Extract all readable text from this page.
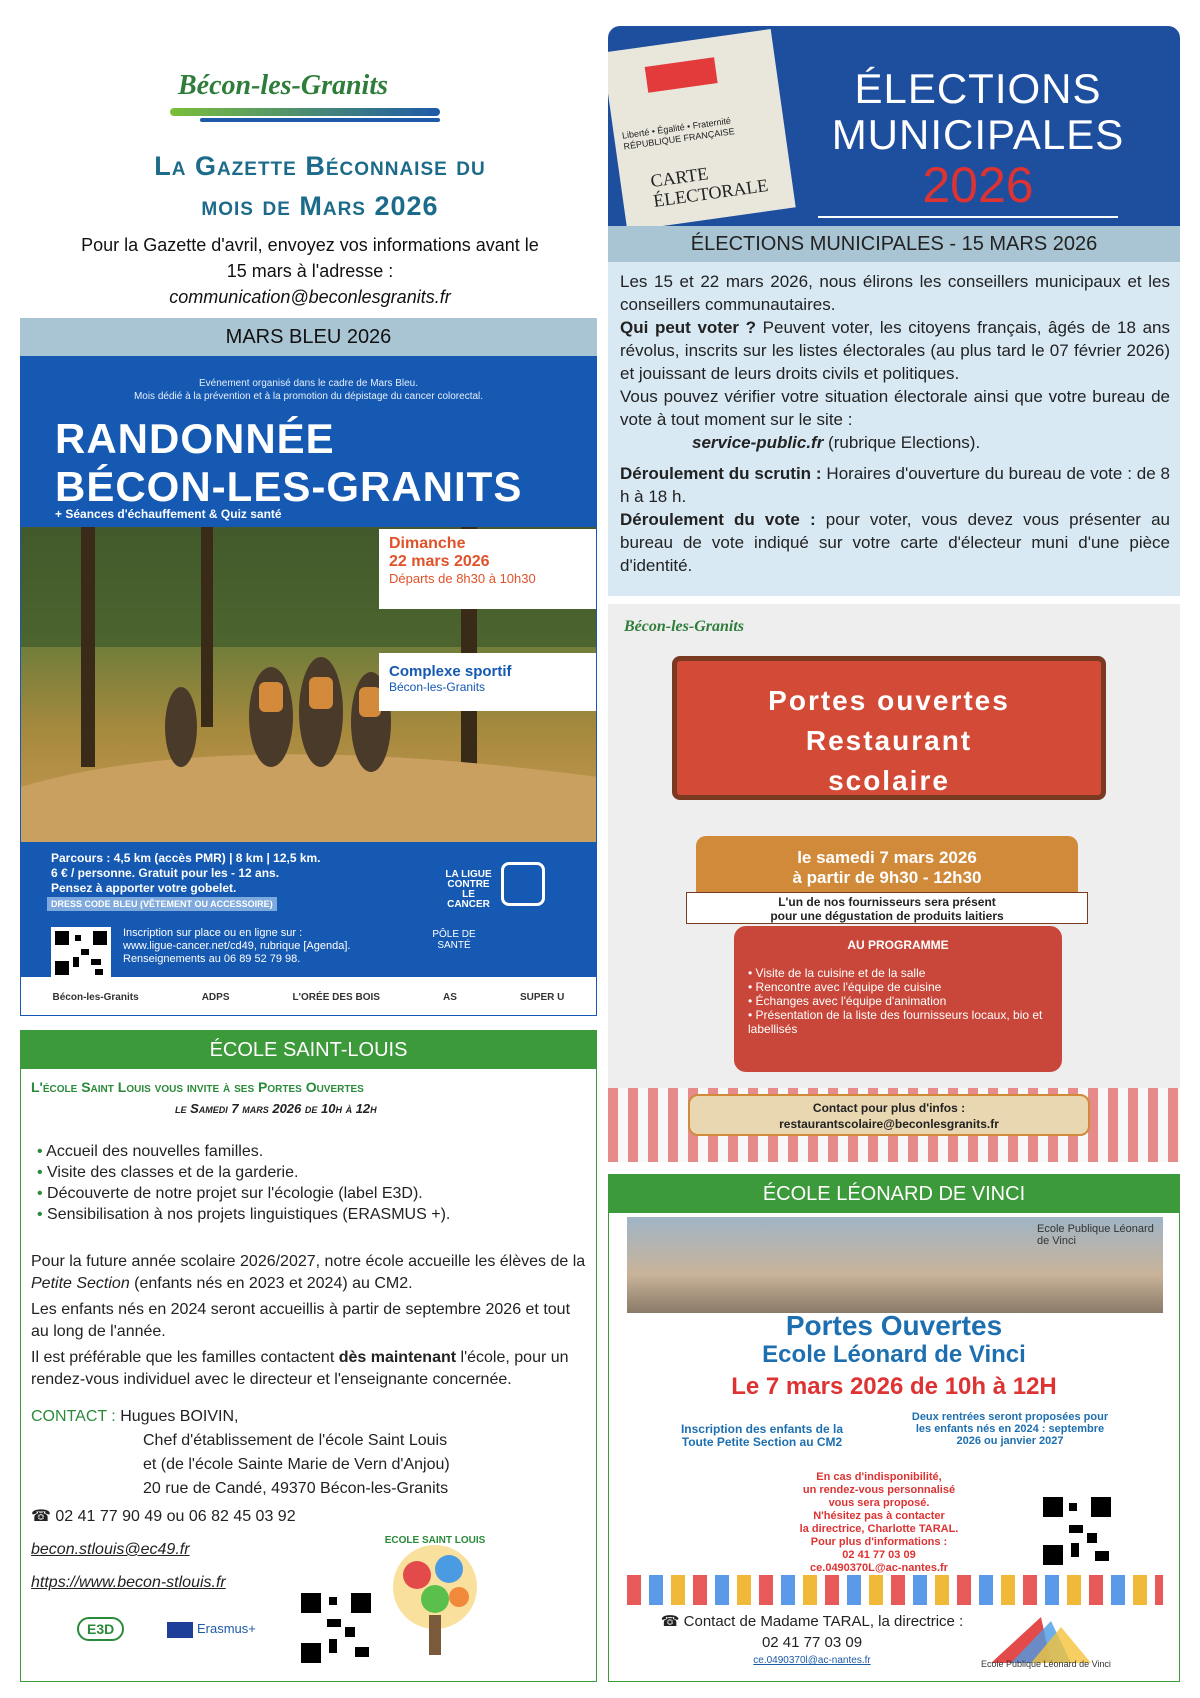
Bécon-les-Granits
La Gazette Béconnaise du
mois de Mars 2026
Pour la Gazette d'avril, envoyez vos informations avant le
15 mars à l'adresse :
communication@beconlesgranits.fr
MARS BLEU 2026
Evénement organisé dans le cadre de Mars Bleu.
Mois dédié à la prévention et à la promotion du dépistage du cancer colorectal.
RANDONNÉE
BÉCON-LES-GRANITS
+ Séances d'échauffement & Quiz santé
Dimanche
22 mars 2026
Départs de 8h30 à 10h30
Complexe sportif
Bécon-les-Granits
Parcours : 4,5 km (accès PMR) | 8 km | 12,5 km.
6 € / personne. Gratuit pour les - 12 ans.
Pensez à apporter votre gobelet.
DRESS CODE BLEU (VÊTEMENT OU ACCESSOIRE)
LA LIGUE CONTRE LE CANCER
Inscription sur place ou en ligne sur :
www.ligue-cancer.net/cd49, rubrique [Agenda].
Renseignements au 06 89 52 79 98.
PÔLE DE SANTÉ
Bécon-les-Granits	ADPS	L'ORÉE DES BOIS	AS	SUPER U
ÉCOLE SAINT-LOUIS
L'école Saint Louis vous invite à ses Portes Ouvertes
le Samedi 7 mars 2026 de 10h à 12h
• Accueil des nouvelles familles.
• Visite des classes et de la garderie.
• Découverte de notre projet sur l'écologie (label E3D).
• Sensibilisation à nos projets linguistiques (ERASMUS +).

Pour la future année scolaire 2026/2027, notre école accueille les élèves de la Petite Section (enfants nés en 2023 et 2024) au CM2.

Les enfants nés en 2024 seront accueillis à partir de septembre 2026 et tout au long de l'année.

Il est préférable que les familles contactent dès maintenant l'école, pour un rendez-vous individuel avec le directeur et l'enseignante concernée.

CONTACT : Hugues BOIVIN,
Chef d'établissement de l'école Saint Louis
et (de l'école Sainte Marie de Vern d'Anjou)
20 rue de Candé, 49370 Bécon-les-Granits
☎ 02 41 77 90 49 ou 06 82 45 03 92
becon.stlouis@ec49.fr
https://www.becon-stlouis.fr
E3D	Erasmus+
ECOLE SAINT LOUIS
Liberté • Égalité • Fraternité RÉPUBLIQUE FRANÇAISE
CARTE ÉLECTORALE
ÉLECTIONS
MUNICIPALES
2026
ÉLECTIONS MUNICIPALES - 15 MARS 2026

Les 15 et 22 mars 2026, nous élirons les conseillers municipaux et les conseillers communautaires.

Qui peut voter ? Peuvent voter, les citoyens français, âgés de 18 ans révolus, inscrits sur les listes électorales (au plus tard le 07 février 2026) et jouissant de leurs droits civils et politiques.

Vous pouvez vérifier votre situation électorale ainsi que votre bureau de vote à tout moment sur le site :

service-public.fr (rubrique Elections).

Déroulement du scrutin : Horaires d'ouverture du bureau de vote : de 8 h à 18 h.

Déroulement du vote : pour voter, vous devez vous présenter au bureau de vote indiqué sur votre carte d'électeur muni d'une pièce d'identité.

Bécon-les-Granits
Portes ouvertes
Restaurant
scolaire
le samedi 7 mars 2026
à partir de 9h30 - 12h30
L'un de nos fournisseurs sera présent
pour une dégustation de produits laitiers
AU PROGRAMME
• Visite de la cuisine et de la salle
• Rencontre avec l'équipe de cuisine
• Échanges avec l'équipe d'animation
• Présentation de la liste des fournisseurs locaux, bio et labellisés
Contact pour plus d'infos :
restaurantscolaire@beconlesgranits.fr
ÉCOLE LÉONARD DE VINCI
Ecole Publique Léonard de Vinci
Portes Ouvertes
Ecole Léonard de Vinci
Le 7 mars 2026 de 10h à 12H
Inscription des enfants de la Toute Petite Section au CM2
Deux rentrées seront proposées pour les enfants nés en 2024 : septembre 2026 ou janvier 2027
En cas d'indisponibilité,
un rendez-vous personnalisé
vous sera proposé.
N'hésitez pas à contacter
la directrice, Charlotte TARAL.
Pour plus d'informations :
02 41 77 03 09
ce.0490370L@ac-nantes.fr
☎ Contact de Madame TARAL, la directrice :
02 41 77 03 09
ce.0490370l@ac-nantes.fr	Ecole Publique Léonard de Vinci
